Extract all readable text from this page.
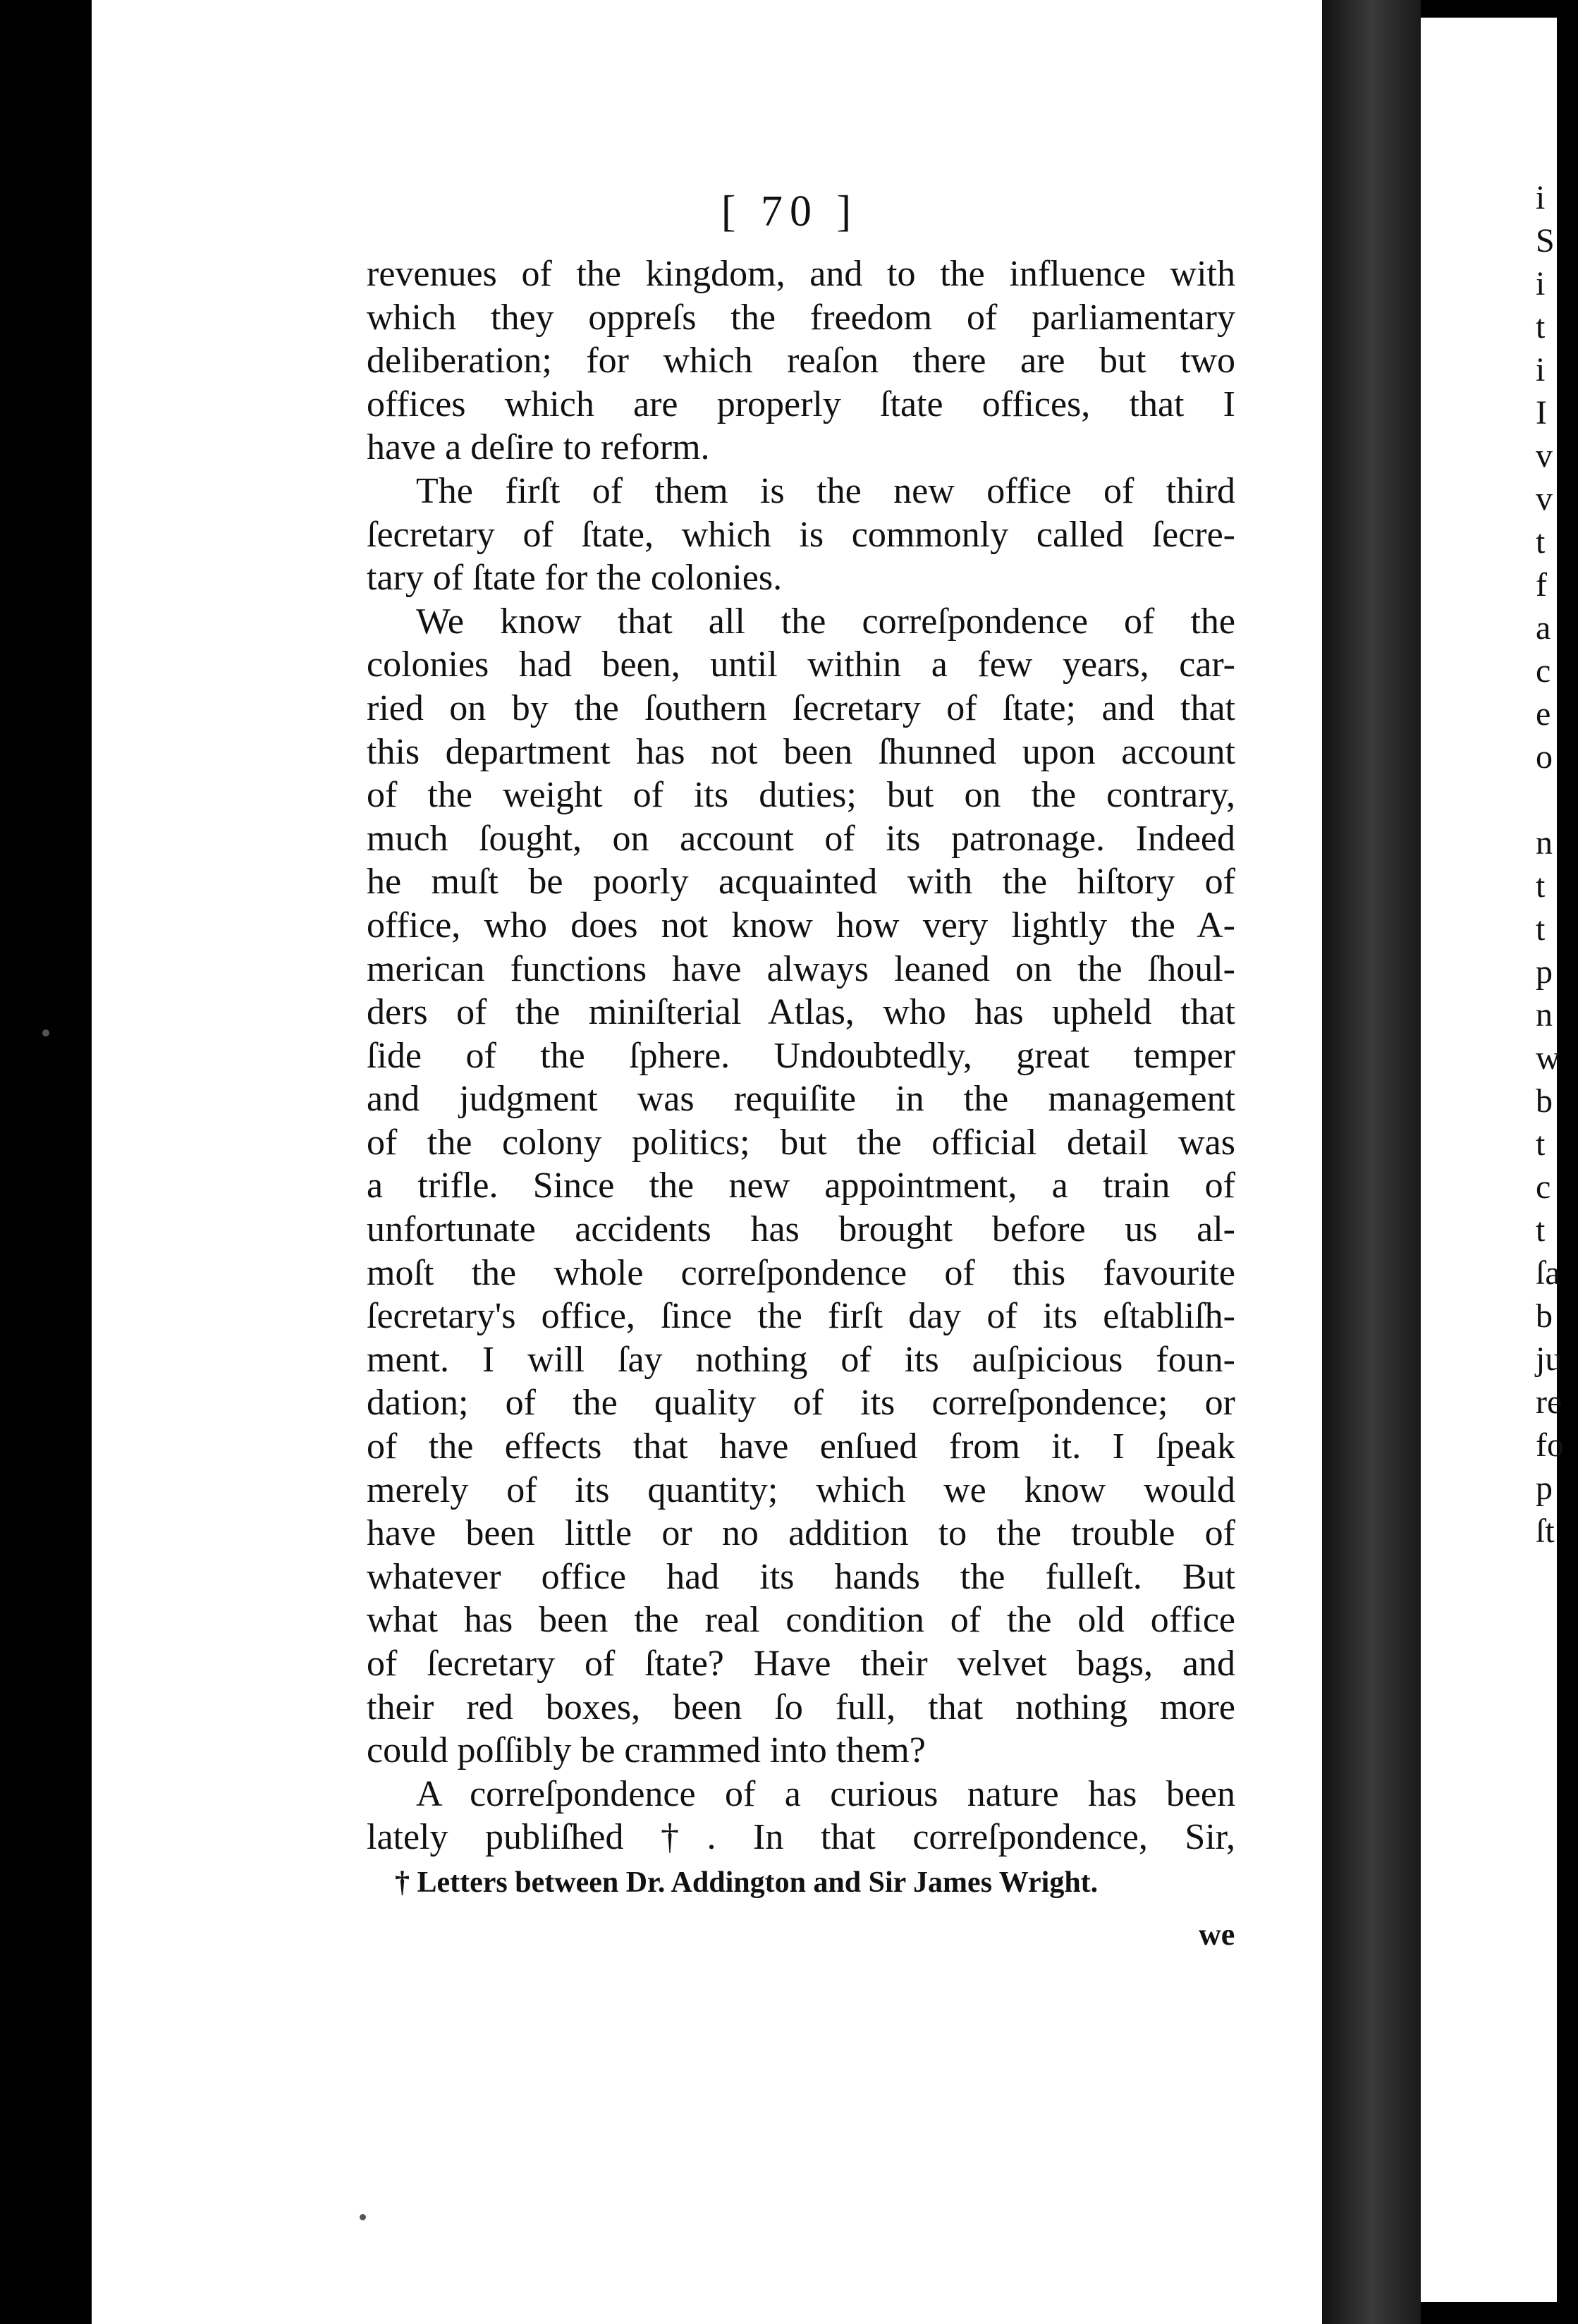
[ 70 ]
revenues of the kingdom, and to the influence with
which they oppreſs the freedom of parliamentary
deliberation; for which reaſon there are but two
offices which are properly ſtate offices, that I
have a deſire to reform.
The firſt of them is the new office of third
ſecretary of ſtate, which is commonly called ſecre-
tary of ſtate for the colonies.
We know that all the correſpondence of the
colonies had been, until within a few years, car-
ried on by the ſouthern ſecretary of ſtate; and that
this department has not been ſhunned upon account
of the weight of its duties; but on the contrary,
much ſought, on account of its patronage. Indeed
he muſt be poorly acquainted with the hiſtory of
office, who does not know how very lightly the A-
merican functions have always leaned on the ſhoul-
ders of the miniſterial Atlas, who has upheld that
ſide of the ſphere. Undoubtedly, great temper
and judgment was requiſite in the management
of the colony politics; but the official detail was
a trifle. Since the new appointment, a train of
unfortunate accidents has brought before us al-
moſt the whole correſpondence of this favourite
ſecretary's office, ſince the firſt day of its eſtabliſh-
ment. I will ſay nothing of its auſpicious foun-
dation; of the quality of its correſpondence; or
of the effects that have enſued from it. I ſpeak
merely of its quantity; which we know would
have been little or no addition to the trouble of
whatever office had its hands the fulleſt. But
what has been the real condition of the old office
of ſecretary of ſtate? Have their velvet bags, and
their red boxes, been ſo full, that nothing more
could poſſibly be crammed into them?
A correſpondence of a curious nature has been
lately publiſhed †. In that correſpondence, Sir,
† Letters between Dr. Addington and Sir James Wright.
we
i
S
i
t
i
I
v
v
t
f
a
c
e
o
n
t
t
p
n
w
b
t
c
t
ſa
b
ju
re
fo
p
ſt
